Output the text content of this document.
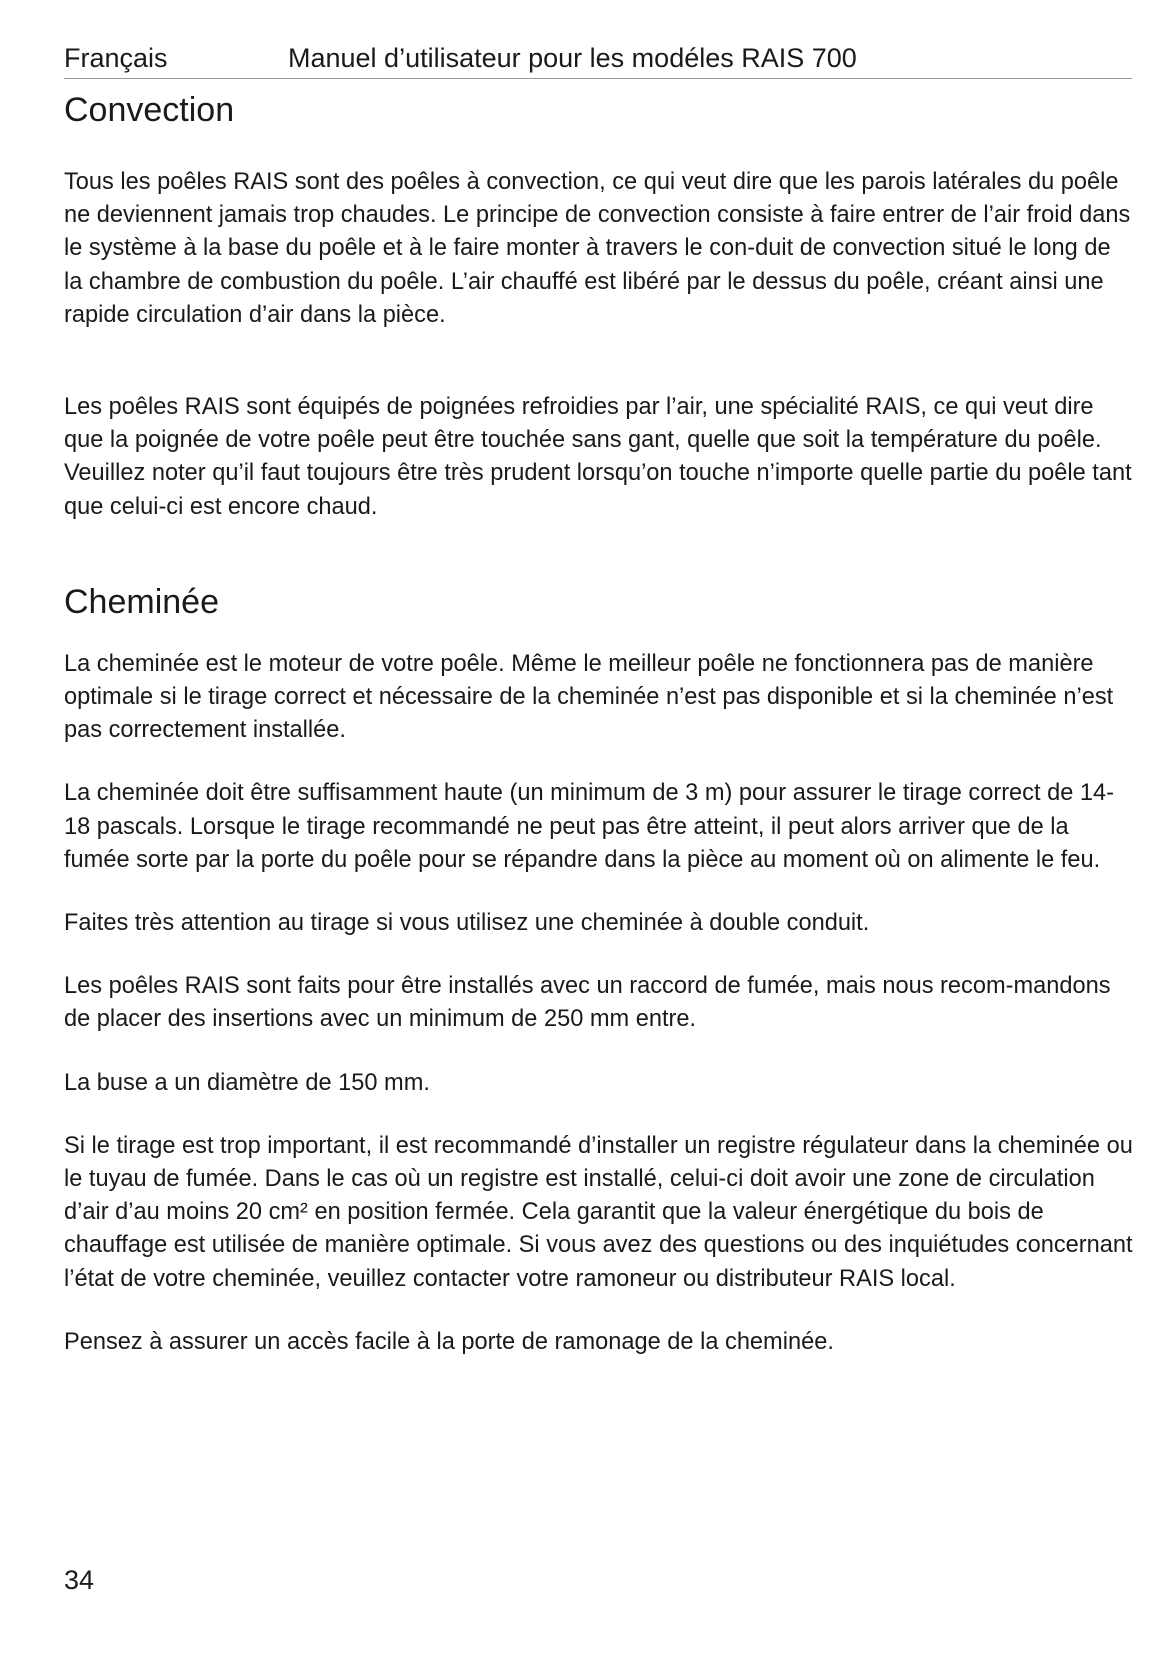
Français	Manuel d’utilisateur pour les modéles RAIS 700
Convection

Tous les poêles RAIS sont des poêles à convection, ce qui veut dire que les parois latérales du poêle ne deviennent jamais trop chaudes. Le principe de convection consiste à faire entrer de l’air froid dans le système à la base du poêle et à le faire monter à travers le con-duit de convection situé le long de la chambre de combustion du poêle. L’air chauffé est libéré par le dessus du poêle, créant ainsi une rapide circulation d’air dans la pièce.

Les poêles RAIS sont équipés de poignées refroidies par l’air, une spécialité RAIS, ce qui veut dire que la poignée de votre poêle peut être touchée sans gant, quelle que soit la température du poêle. Veuillez noter qu’il faut toujours être très prudent lorsqu’on touche n’importe quelle partie du poêle tant que celui-ci est encore chaud.

Cheminée

La cheminée est le moteur de votre poêle. Même le meilleur poêle ne fonctionnera pas de manière optimale si le tirage correct et nécessaire de la cheminée n’est pas disponible et si la cheminée n’est pas correctement installée.

La cheminée doit être suffisamment haute (un minimum de 3 m) pour assurer le tirage correct de 14-18 pascals. Lorsque le tirage recommandé ne peut pas être atteint, il peut alors arriver que de la fumée sorte par la porte du poêle pour se répandre dans la pièce au moment où on alimente le feu.

Faites très attention au tirage si vous utilisez une cheminée à double conduit.

Les poêles RAIS sont faits pour être installés avec un raccord de fumée, mais nous recom-mandons de placer des insertions avec un minimum de 250 mm entre.

La buse a un diamètre de 150 mm.

Si le tirage est trop important, il est recommandé d’installer un registre régulateur dans la cheminée ou le tuyau de fumée. Dans le cas où un registre est installé, celui-ci doit avoir une zone de circulation d’air d’au moins 20 cm² en position fermée. Cela garantit que la valeur énergétique du bois de chauffage est utilisée de manière optimale. Si vous avez des questions ou des inquiétudes concernant l’état de votre cheminée, veuillez contacter votre ramoneur ou distributeur RAIS local.

Pensez à assurer un accès facile à la porte de ramonage de la cheminée.

34
